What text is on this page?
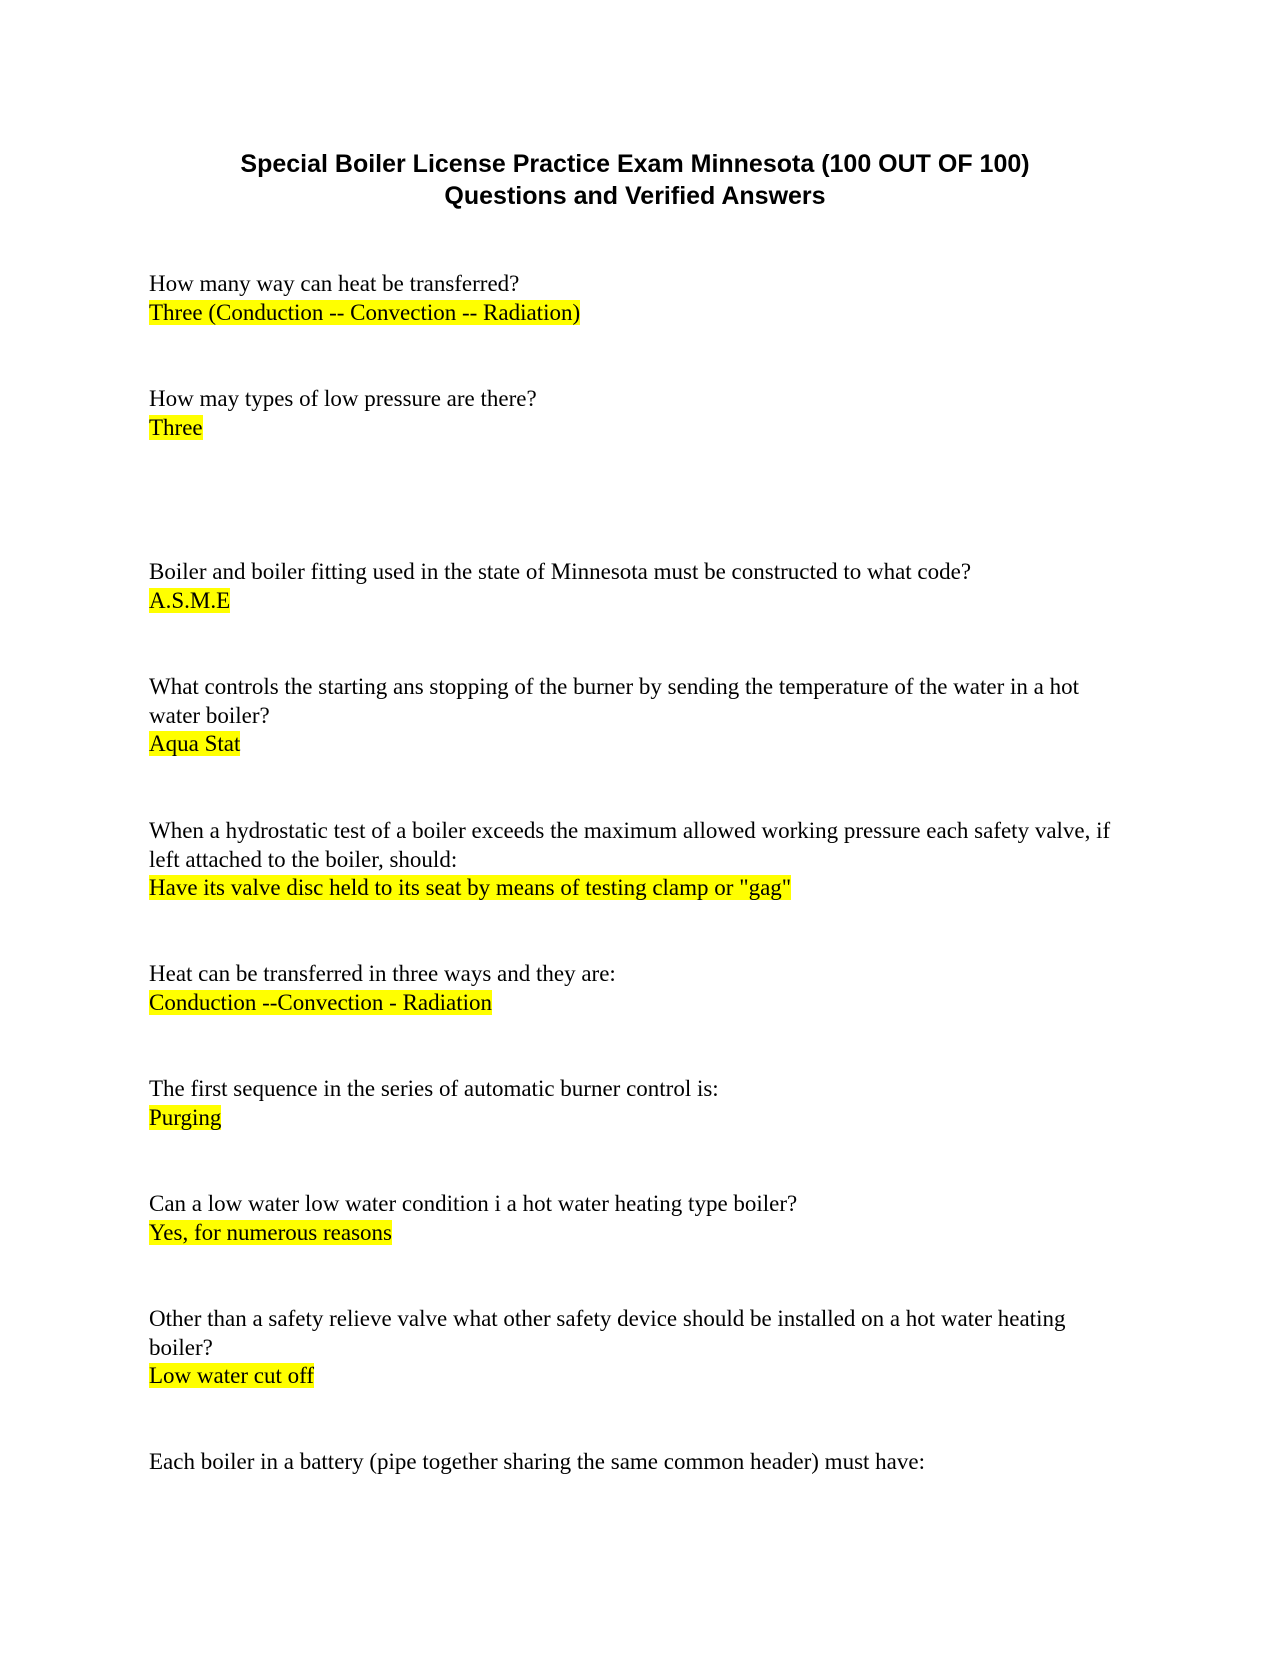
Special Boiler License Practice Exam Minnesota (100 OUT OF 100)
Questions and Verified Answers
How many way can heat be transferred?
Three (Conduction -- Convection -- Radiation)
How may types of low pressure are there?
Three
Boiler and boiler fitting used in the state of Minnesota must be constructed to what code?
A.S.M.E
What controls the starting ans stopping of the burner by sending the temperature of the water in a hot water boiler?
Aqua Stat
When a hydrostatic test of a boiler exceeds the maximum allowed working pressure each safety valve, if left attached to the boiler, should:
Have its valve disc held to its seat by means of testing clamp or "gag"
Heat can be transferred in three ways and they are:
Conduction --Convection - Radiation
The first sequence in the series of automatic burner control is:
Purging
Can a low water low water condition i a hot water heating type boiler?
Yes, for numerous reasons
Other than a safety relieve valve what other safety device should be installed on a hot water heating boiler?
Low water cut off
Each boiler in a battery (pipe together sharing the same common header) must have:
